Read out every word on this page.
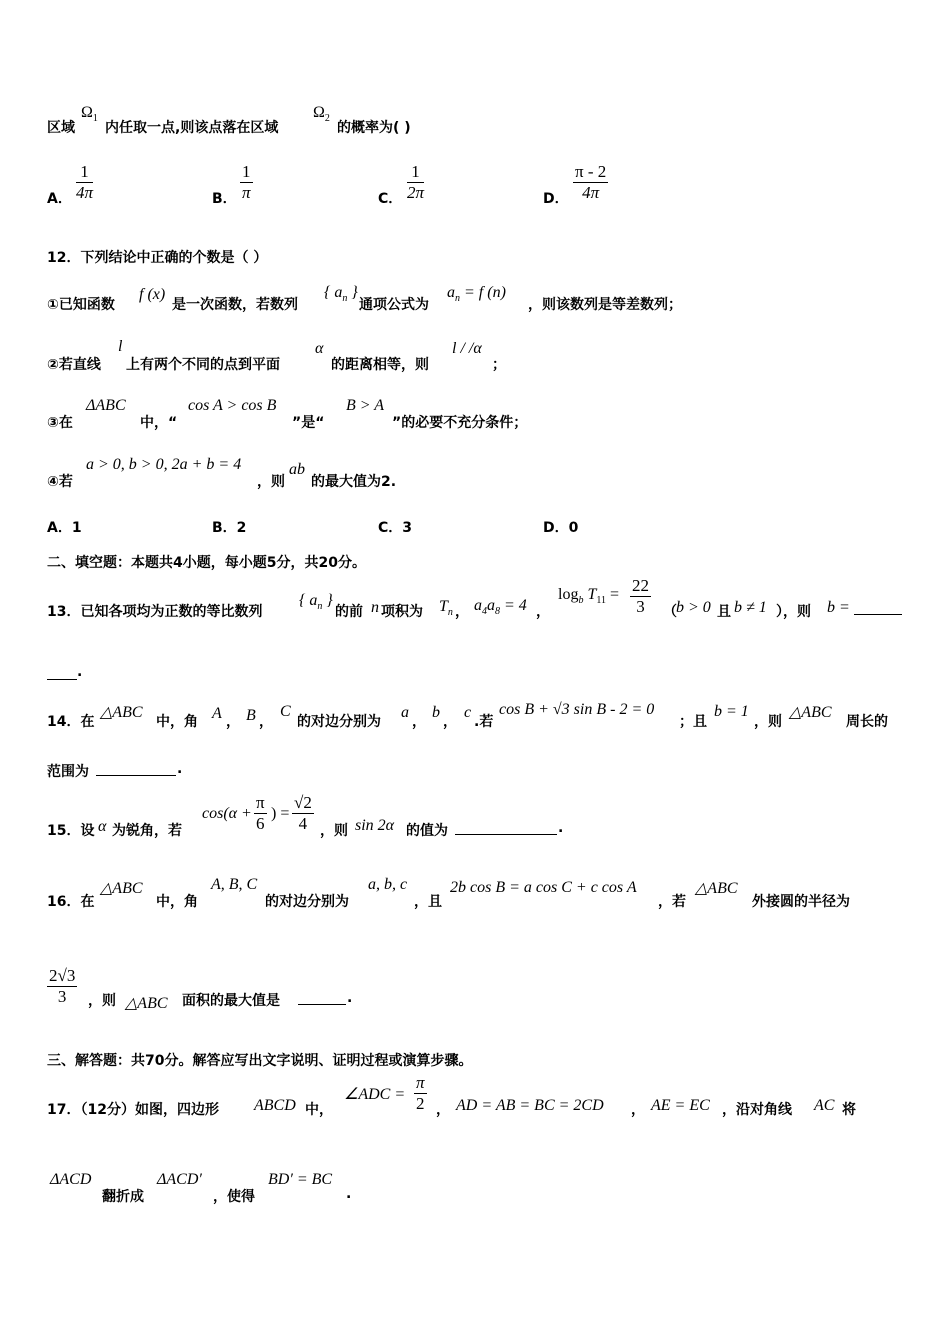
区域
$\Omega_1$
内任取一点,则该点落在区域
$\Omega_2$
的概率为( )
A． $\frac{1}{4\pi}$	B． $\frac{1}{\pi}$	C． $\frac{1}{2\pi}$	D． $\frac{\pi - 2}{4\pi}$
12．下列结论中正确的个数是（ ）
①已知函数
f (x)
是一次函数，若数列
{ $a_n$ }
通项公式为
$a_n = f$ (n)
，则该数列是等差数列；
②若直线
l
上有两个不同的点到平面
α
的距离相等，则
l / /α
；
③在
ΔABC
中，“
cos A > cos B
”是“
B > A
”的必要不充分条件；
④若
a > 0, b > 0, 2a + b = 4
，则
ab
的最大值为2.
A．1	B．2	C．3	D．0
二、填空题：本题共4小题，每小题5分，共20分。
13．已知各项均为正数的等比数列
{ $a_n$ }
的前 n 项积为 $T_n$ ， $a_4a_8 = 4$ ，
$\log_b T_{11} = \frac{22}{3}$ （ b > 0 且 b ≠ 1 ），则 b =
.
14．在
△ABC
中，角 A ， B ，
C
的对边分别为
a
，
b
，
c
.若
cos B + √3 sin B - 2 = 0
；且
b = 1
，则
△ABC
周长的
范围为	.
15．设 α 为锐角，若
$\cos(\alpha + \frac{\pi}{6}$ ) = $\frac{√2}{4}$ ，则 sin 2α 的值为	.
16．在
△ABC
中，角
A, B, C
的对边分别为
a, b, c
，且
2b cos B = a cos C + c cos A
，若
△ABC
外接圆的半径为
$\frac{2√3}{3}$ ，则 △ABC 面积的最大值是	.
三、解答题：共70分。解答应写出文字说明、证明过程或演算步骤。
17．（12分）如图，四边形 ABCD 中，
∠ADC = $\frac{\pi}{2}$ ， AD = AB = BC = 2CD ， AE = EC ，沿对角线 AC 将
ΔACD
翻折成
ΔACD′
，使得
BD′ = BC
.
